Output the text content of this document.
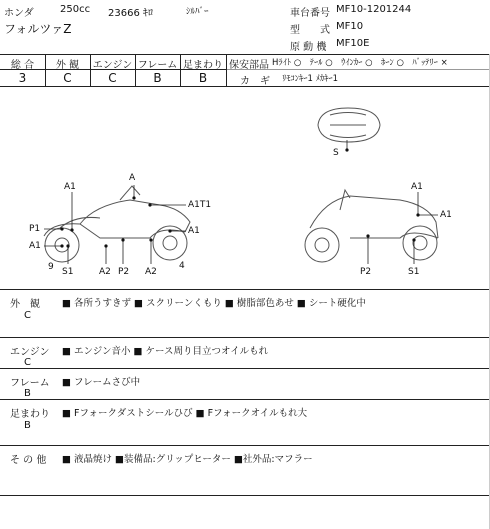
ホンダ	250cc 23666 ｷﾛ	ｼﾙﾊﾞｰ
フォルツァZ
車台番号 MF10-1201244
型　　式 MF10
原 動 機 MF10E
総 合	外 観	エンジン フレーム 足まわり
3	C	C	B	B
保安部品 Hﾗｲﾄ ○　ﾃｰﾙ ○　ｳｲﾝｶｰ ○　ﾎｰﾝ ○　ﾊﾞｯﾃﾘｰ ×
カ　ギ ﾘﾓｺﾝｷｰ1 ﾒｶｷｰ1
A1
A
A1T1
P1
A1
A1
9 S1	A2 P2 A2
4
S
A1
A1
P2	S1
外　観
C
■ 各所うすきず ■ スクリーンくもり ■ 樹脂部色あせ ■ シート硬化中
エンジン
C
■ エンジン音小 ■ ケース周り目立つオイルもれ
フレーム
B
■ フレームさび中
足まわり
B
■ Fフォークダストシールひび ■ Fフォークオイルもれ大
そ の 他 ■ 液晶焼け ■装備品:グリップヒーター ■社外品:マフラー
